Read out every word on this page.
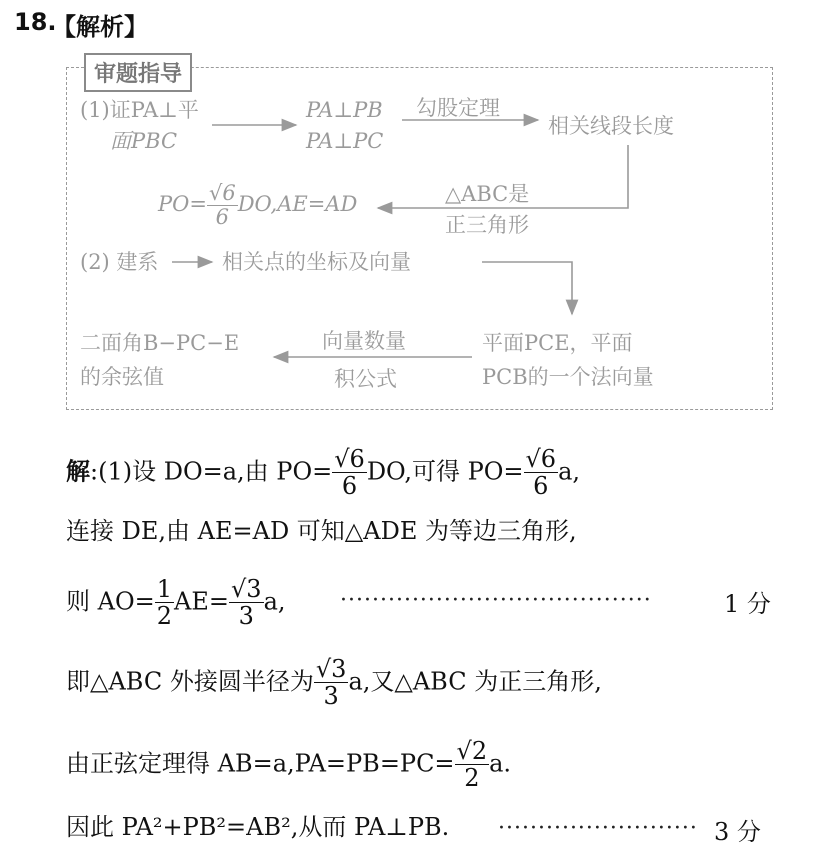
18.
【解析】
审题指导
(1)证PA⊥平
面PBC
PA⊥PB
PA⊥PC
勾股定理
相关线段长度
△ABC是
正三角形
$PO= \frac{√6}{6} DO,AE=AD$
(2) 建系	相关点的坐标及向量
平面PCE，平面
PCB的一个法向量
向量数量
积公式
二面角B−PC−E
的余弦值
解:(1)设 DO=a,由 $PO= \frac{√6}{6}$ DO,可得 $PO= \frac{√6}{6} a$,
连接 DE,由 AE=AD 可知△ADE 为等边三角形,
则 $AO= \frac{1}{2} AE= \frac{√3}{3} a$, ·······································	1 分
即△ABC 外接圆半径为 $\frac{√3}{3} a$,又△ABC 为正三角形,
由正弦定理得 $AB=a,PA=PB=PC= \frac{√2}{2} a$.
因此 PA²+PB²=AB²,从而 PA⊥PB. ························· 3 分
